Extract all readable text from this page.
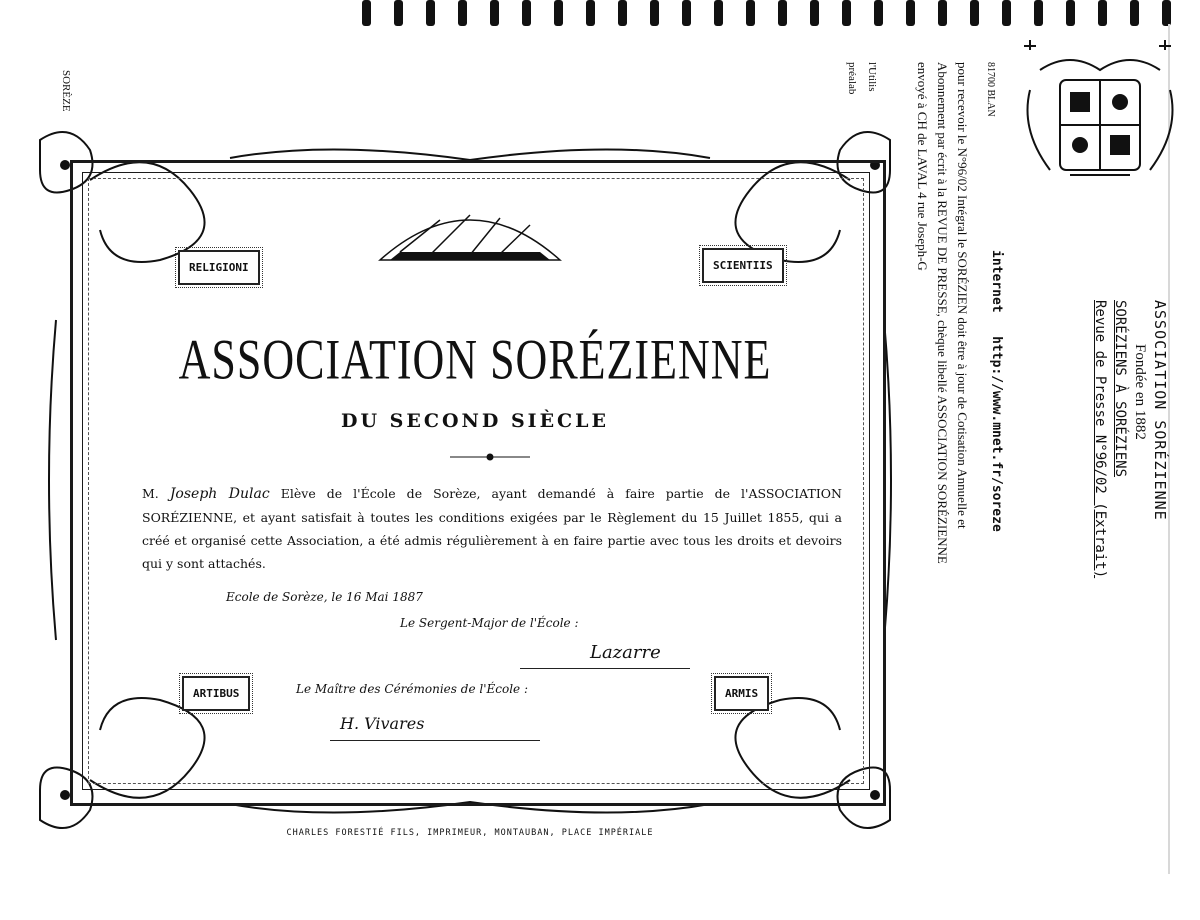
ASSOCIATION SORÉZIENNE
Fondée en 1882
SORÉZIENS À SORÉZIENS
Revue de Presse N°96/02 (Extrait)
pour recevoir le N°96/02 Intégral le SORÉZIEN doit être à jour de Cotisation Annuelle et
Abonnement par écrit à la REVUE DE PRESSE, chèque libellé ASSOCIATION SORÉZIENNE
envoyé à CH de LAVAL 4 rue Joseph-G
internet   http://www.mnet.fr/soreze
81700 BLAN
l'Utilis
préalab
SORÈZE
RELIGIONI	SCIENTIIS
ARTIBUS	ARMIS
ASSOCIATION SORÉZIENNE
DU SECOND SIÈCLE
M. Joseph Dulac Elève de l'École de Sorèze, ayant demandé à faire partie de l'ASSOCIATION SORÉZIENNE, et ayant satisfait à toutes les conditions exigées par le Règlement du 15 Juillet 1855, qui a créé et organisé cette Association, a été admis régulièrement à en faire partie avec tous les droits et devoirs qui y sont attachés.
Ecole de Sorèze, le 16 Mai 1887
Le Sergent-Major de l'École :
Lazarre
Le Maître des Cérémonies de l'École :
H. Vivares
CHARLES FORESTIÉ FILS, IMPRIMEUR, MONTAUBAN, PLACE IMPÉRIALE
